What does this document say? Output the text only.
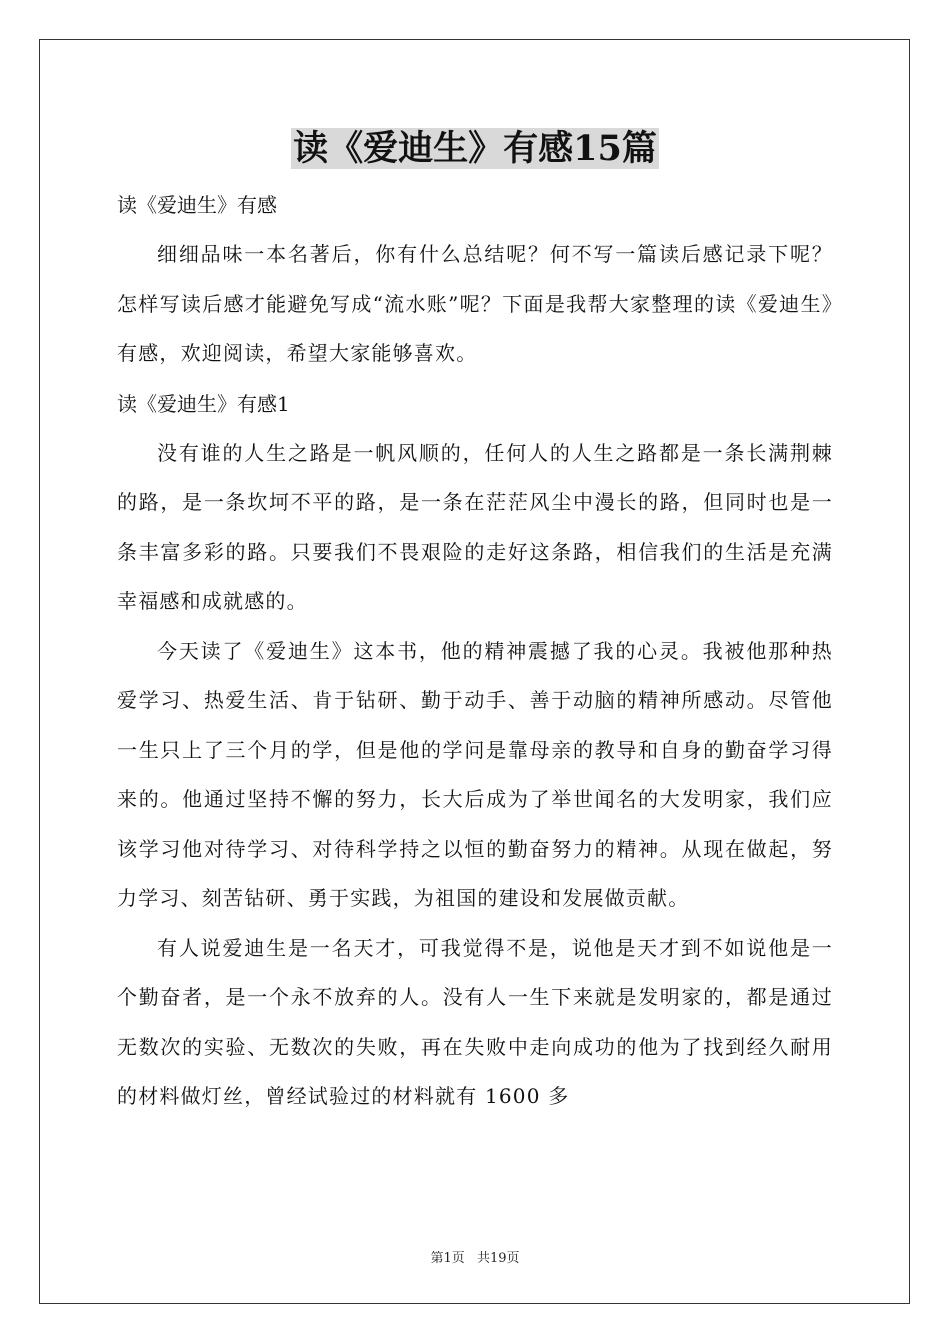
读《爱迪生》有感15篇

读《爱迪生》有感

细细品味一本名著后，你有什么总结呢？何不写一篇读后感记录下呢？怎样写读后感才能避免写成“流水账”呢？下面是我帮大家整理的读《爱迪生》有感，欢迎阅读，希望大家能够喜欢。

读《爱迪生》有感1

没有谁的人生之路是一帆风顺的，任何人的人生之路都是一条长满荆棘的路，是一条坎坷不平的路，是一条在茫茫风尘中漫长的路，但同时也是一条丰富多彩的路。只要我们不畏艰险的走好这条路，相信我们的生活是充满幸福感和成就感的。

今天读了《爱迪生》这本书，他的精神震撼了我的心灵。我被他那种热爱学习、热爱生活、肯于钻研、勤于动手、善于动脑的精神所感动。尽管他一生只上了三个月的学，但是他的学问是靠母亲的教导和自身的勤奋学习得来的。他通过坚持不懈的努力，长大后成为了举世闻名的大发明家，我们应该学习他对待学习、对待科学持之以恒的勤奋努力的精神。从现在做起，努力学习、刻苦钻研、勇于实践，为祖国的建设和发展做贡献。

有人说爱迪生是一名天才，可我觉得不是，说他是天才到不如说他是一个勤奋者，是一个永不放弃的人。没有人一生下来就是发明家的，都是通过无数次的实验、无数次的失败，再在失败中走向成功的他为了找到经久耐用的材料做灯丝，曾经试验过的材料就有 1600 多

第1页 共19页
